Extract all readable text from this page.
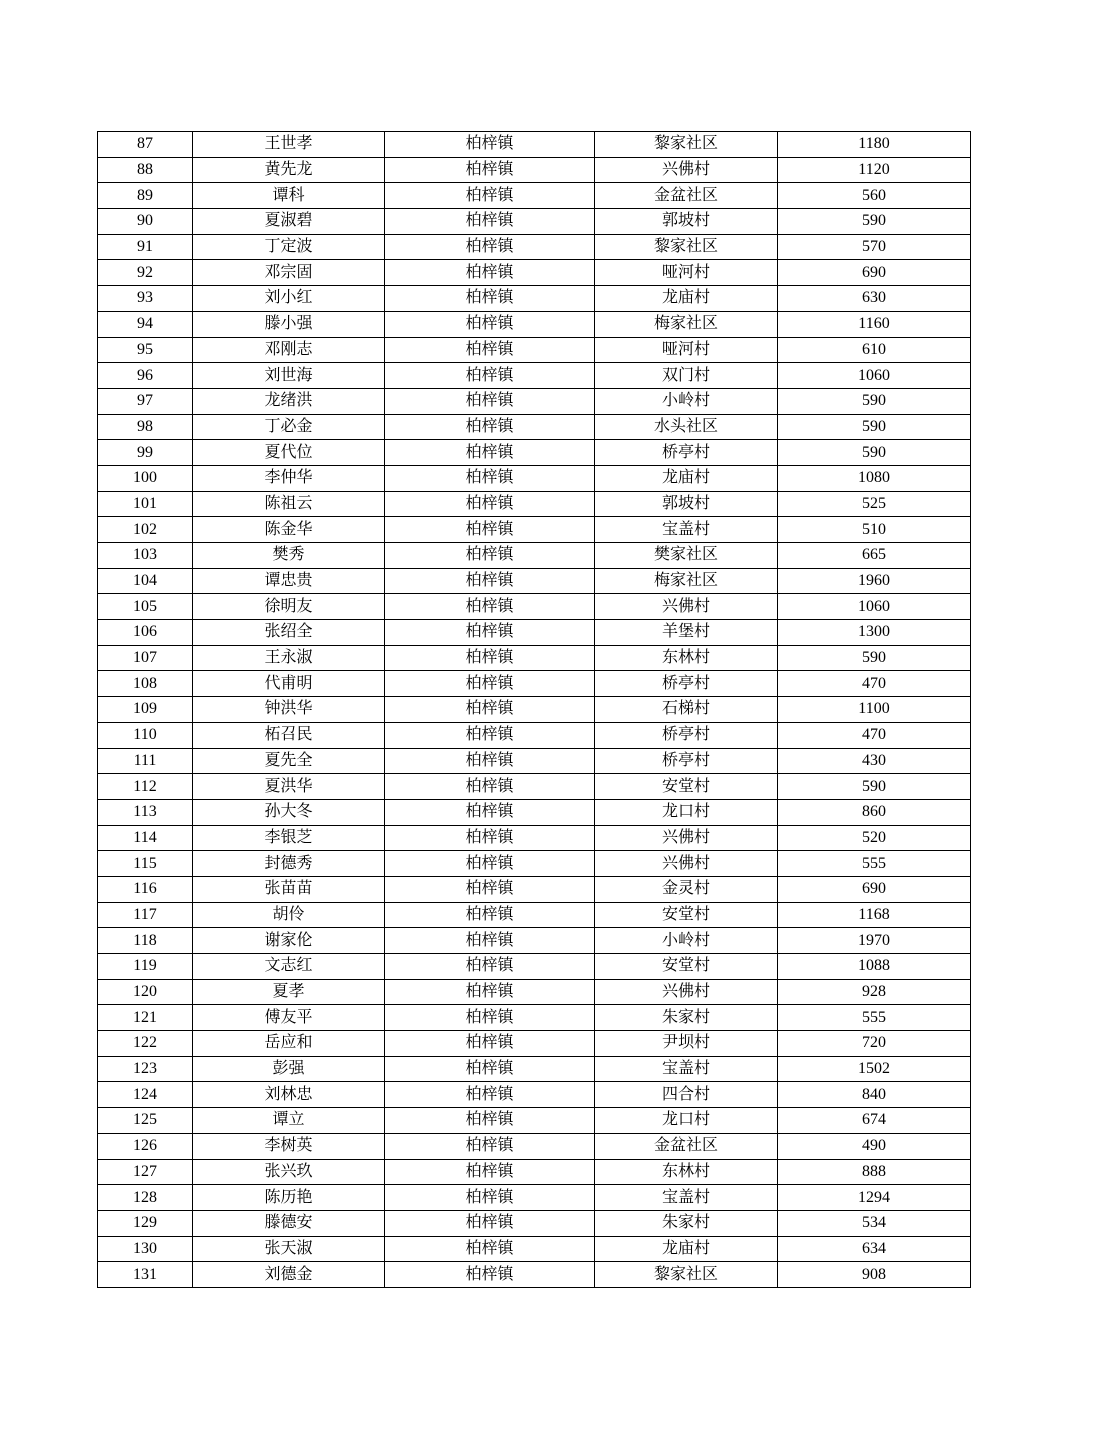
87	王世孝	柏梓镇	黎家社区	1180
88	黄先龙	柏梓镇	兴佛村	1120
89	谭科	柏梓镇	金盆社区	560
90	夏淑碧	柏梓镇	郭坡村	590
91	丁定波	柏梓镇	黎家社区	570
92	邓宗固	柏梓镇	哑河村	690
93	刘小红	柏梓镇	龙庙村	630
94	滕小强	柏梓镇	梅家社区	1160
95	邓刚志	柏梓镇	哑河村	610
96	刘世海	柏梓镇	双门村	1060
97	龙绪洪	柏梓镇	小岭村	590
98	丁必金	柏梓镇	水头社区	590
99	夏代位	柏梓镇	桥亭村	590
100	李仲华	柏梓镇	龙庙村	1080
101	陈祖云	柏梓镇	郭坡村	525
102	陈金华	柏梓镇	宝盖村	510
103	樊秀	柏梓镇	樊家社区	665
104	谭忠贵	柏梓镇	梅家社区	1960
105	徐明友	柏梓镇	兴佛村	1060
106	张绍全	柏梓镇	羊堡村	1300
107	王永淑	柏梓镇	东林村	590
108	代甫明	柏梓镇	桥亭村	470
109	钟洪华	柏梓镇	石梯村	1100
110	柘召民	柏梓镇	桥亭村	470
111	夏先全	柏梓镇	桥亭村	430
112	夏洪华	柏梓镇	安堂村	590
113	孙大冬	柏梓镇	龙口村	860
114	李银芝	柏梓镇	兴佛村	520
115	封德秀	柏梓镇	兴佛村	555
116	张苗苗	柏梓镇	金灵村	690
117	胡伶	柏梓镇	安堂村	1168
118	谢家伦	柏梓镇	小岭村	1970
119	文志红	柏梓镇	安堂村	1088
120	夏孝	柏梓镇	兴佛村	928
121	傅友平	柏梓镇	朱家村	555
122	岳应和	柏梓镇	尹坝村	720
123	彭强	柏梓镇	宝盖村	1502
124	刘林忠	柏梓镇	四合村	840
125	谭立	柏梓镇	龙口村	674
126	李树英	柏梓镇	金盆社区	490
127	张兴玖	柏梓镇	东林村	888
128	陈历艳	柏梓镇	宝盖村	1294
129	滕德安	柏梓镇	朱家村	534
130	张天淑	柏梓镇	龙庙村	634
131	刘德金	柏梓镇	黎家社区	908
